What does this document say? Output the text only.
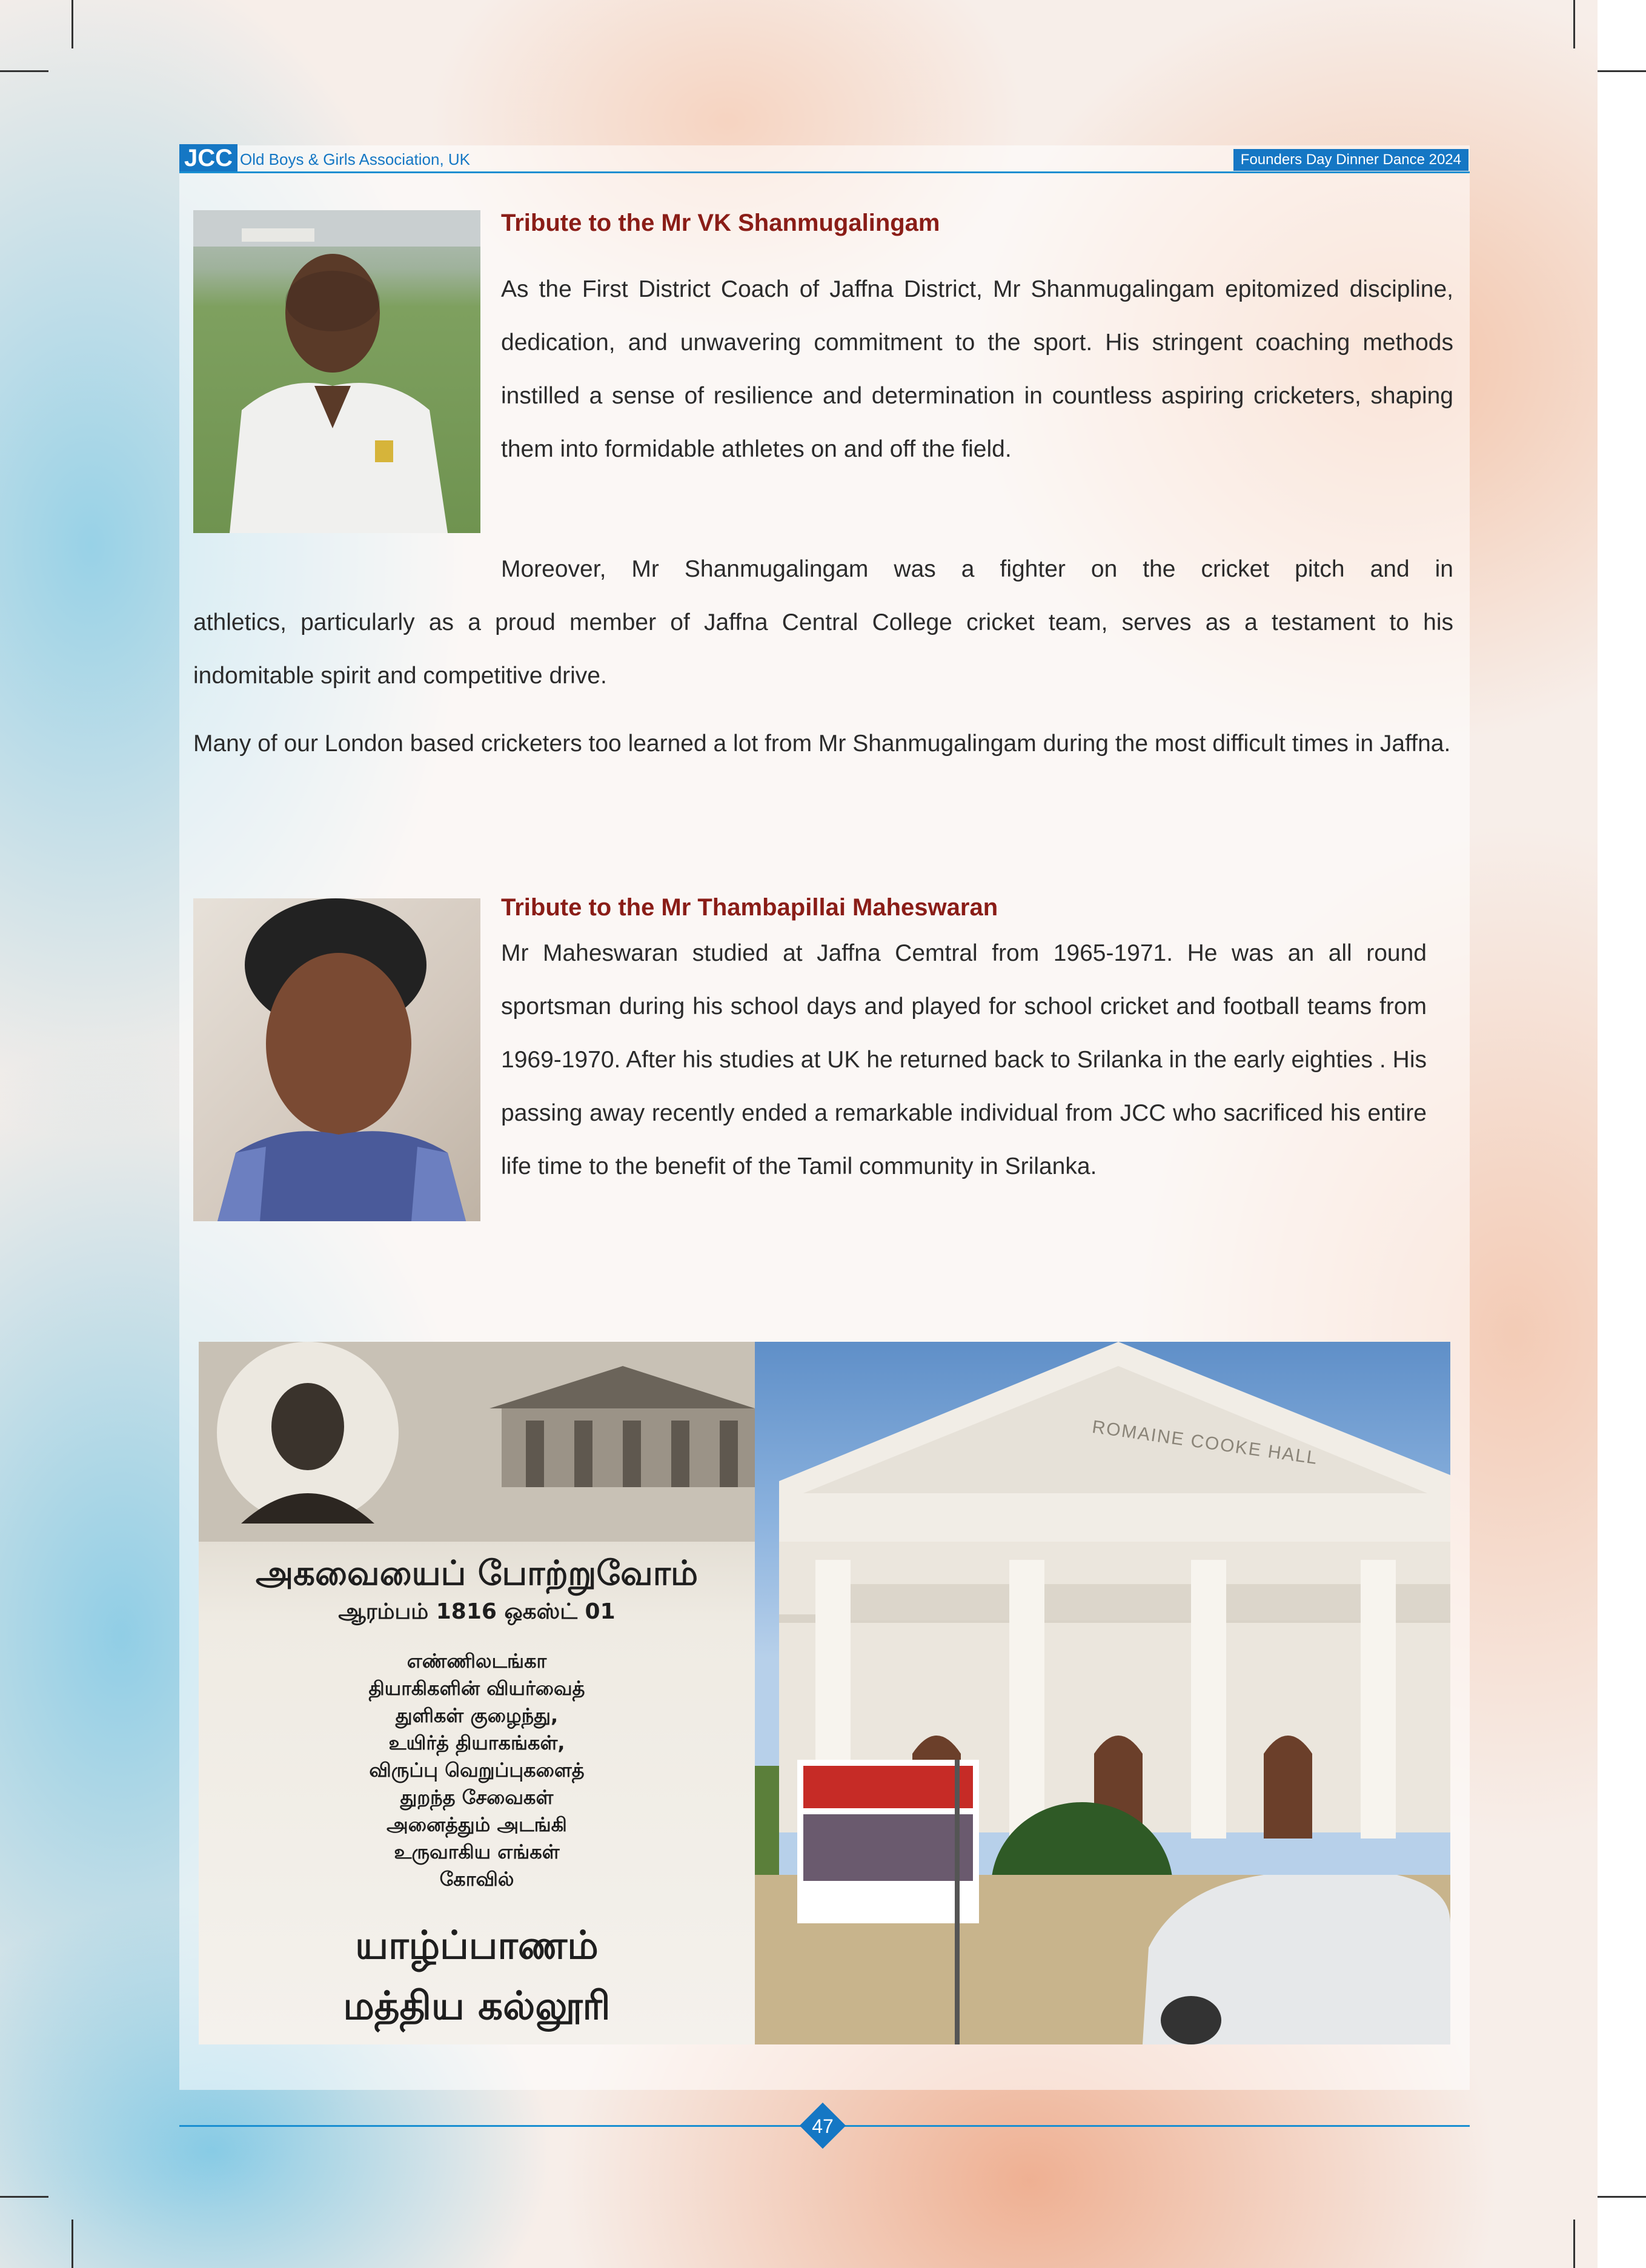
JCC Old Boys & Girls Association, UK	Founders Day Dinner Dance 2024
Tribute to the Mr VK Shanmugalingam
As the First District Coach of Jaffna District, Mr Shanmugalingam epitomized discipline, dedication, and unwavering commitment to the sport. His stringent coaching methods instilled a sense of resilience and determination in countless aspiring cricketers, shaping them into formidable athletes on and off the field.
Moreover, Mr Shanmugalingam was a fighter on the cricket pitch and in
athletics, particularly as a proud member of Jaffna Central College cricket team, serves as a testament to his indomitable spirit and competitive drive.
Many of our London based cricketers too learned a lot from Mr Shanmugalingam during the most difficult times in Jaffna.
Tribute to the Mr Thambapillai Maheswaran
Mr Maheswaran studied at Jaffna Cemtral from 1965-1971. He was an all round sportsman during his school days and played for school cricket and football teams from 1969-1970. After his studies at UK he returned back to Srilanka in the early eighties . His passing away recently ended a remarkable individual from JCC who sacrificed his entire life time to the benefit of the Tamil community in Srilanka.
அகவையைப் போற்றுவோம்
ஆரம்பம் 1816 ஒகஸ்ட் 01
எண்ணிலடங்கா
தியாகிகளின் வியர்வைத்
துளிகள் குழைந்து,
உயிர்த் தியாகங்கள்,
விருப்பு வெறுப்புகளைத்
துறந்த சேவைகள்
அனைத்தும் அடங்கி
உருவாகிய எங்கள்
கோவில்
யாழ்ப்பாணம்
மத்திய கல்லூரி
ROMAINE COOKE HALL
47
